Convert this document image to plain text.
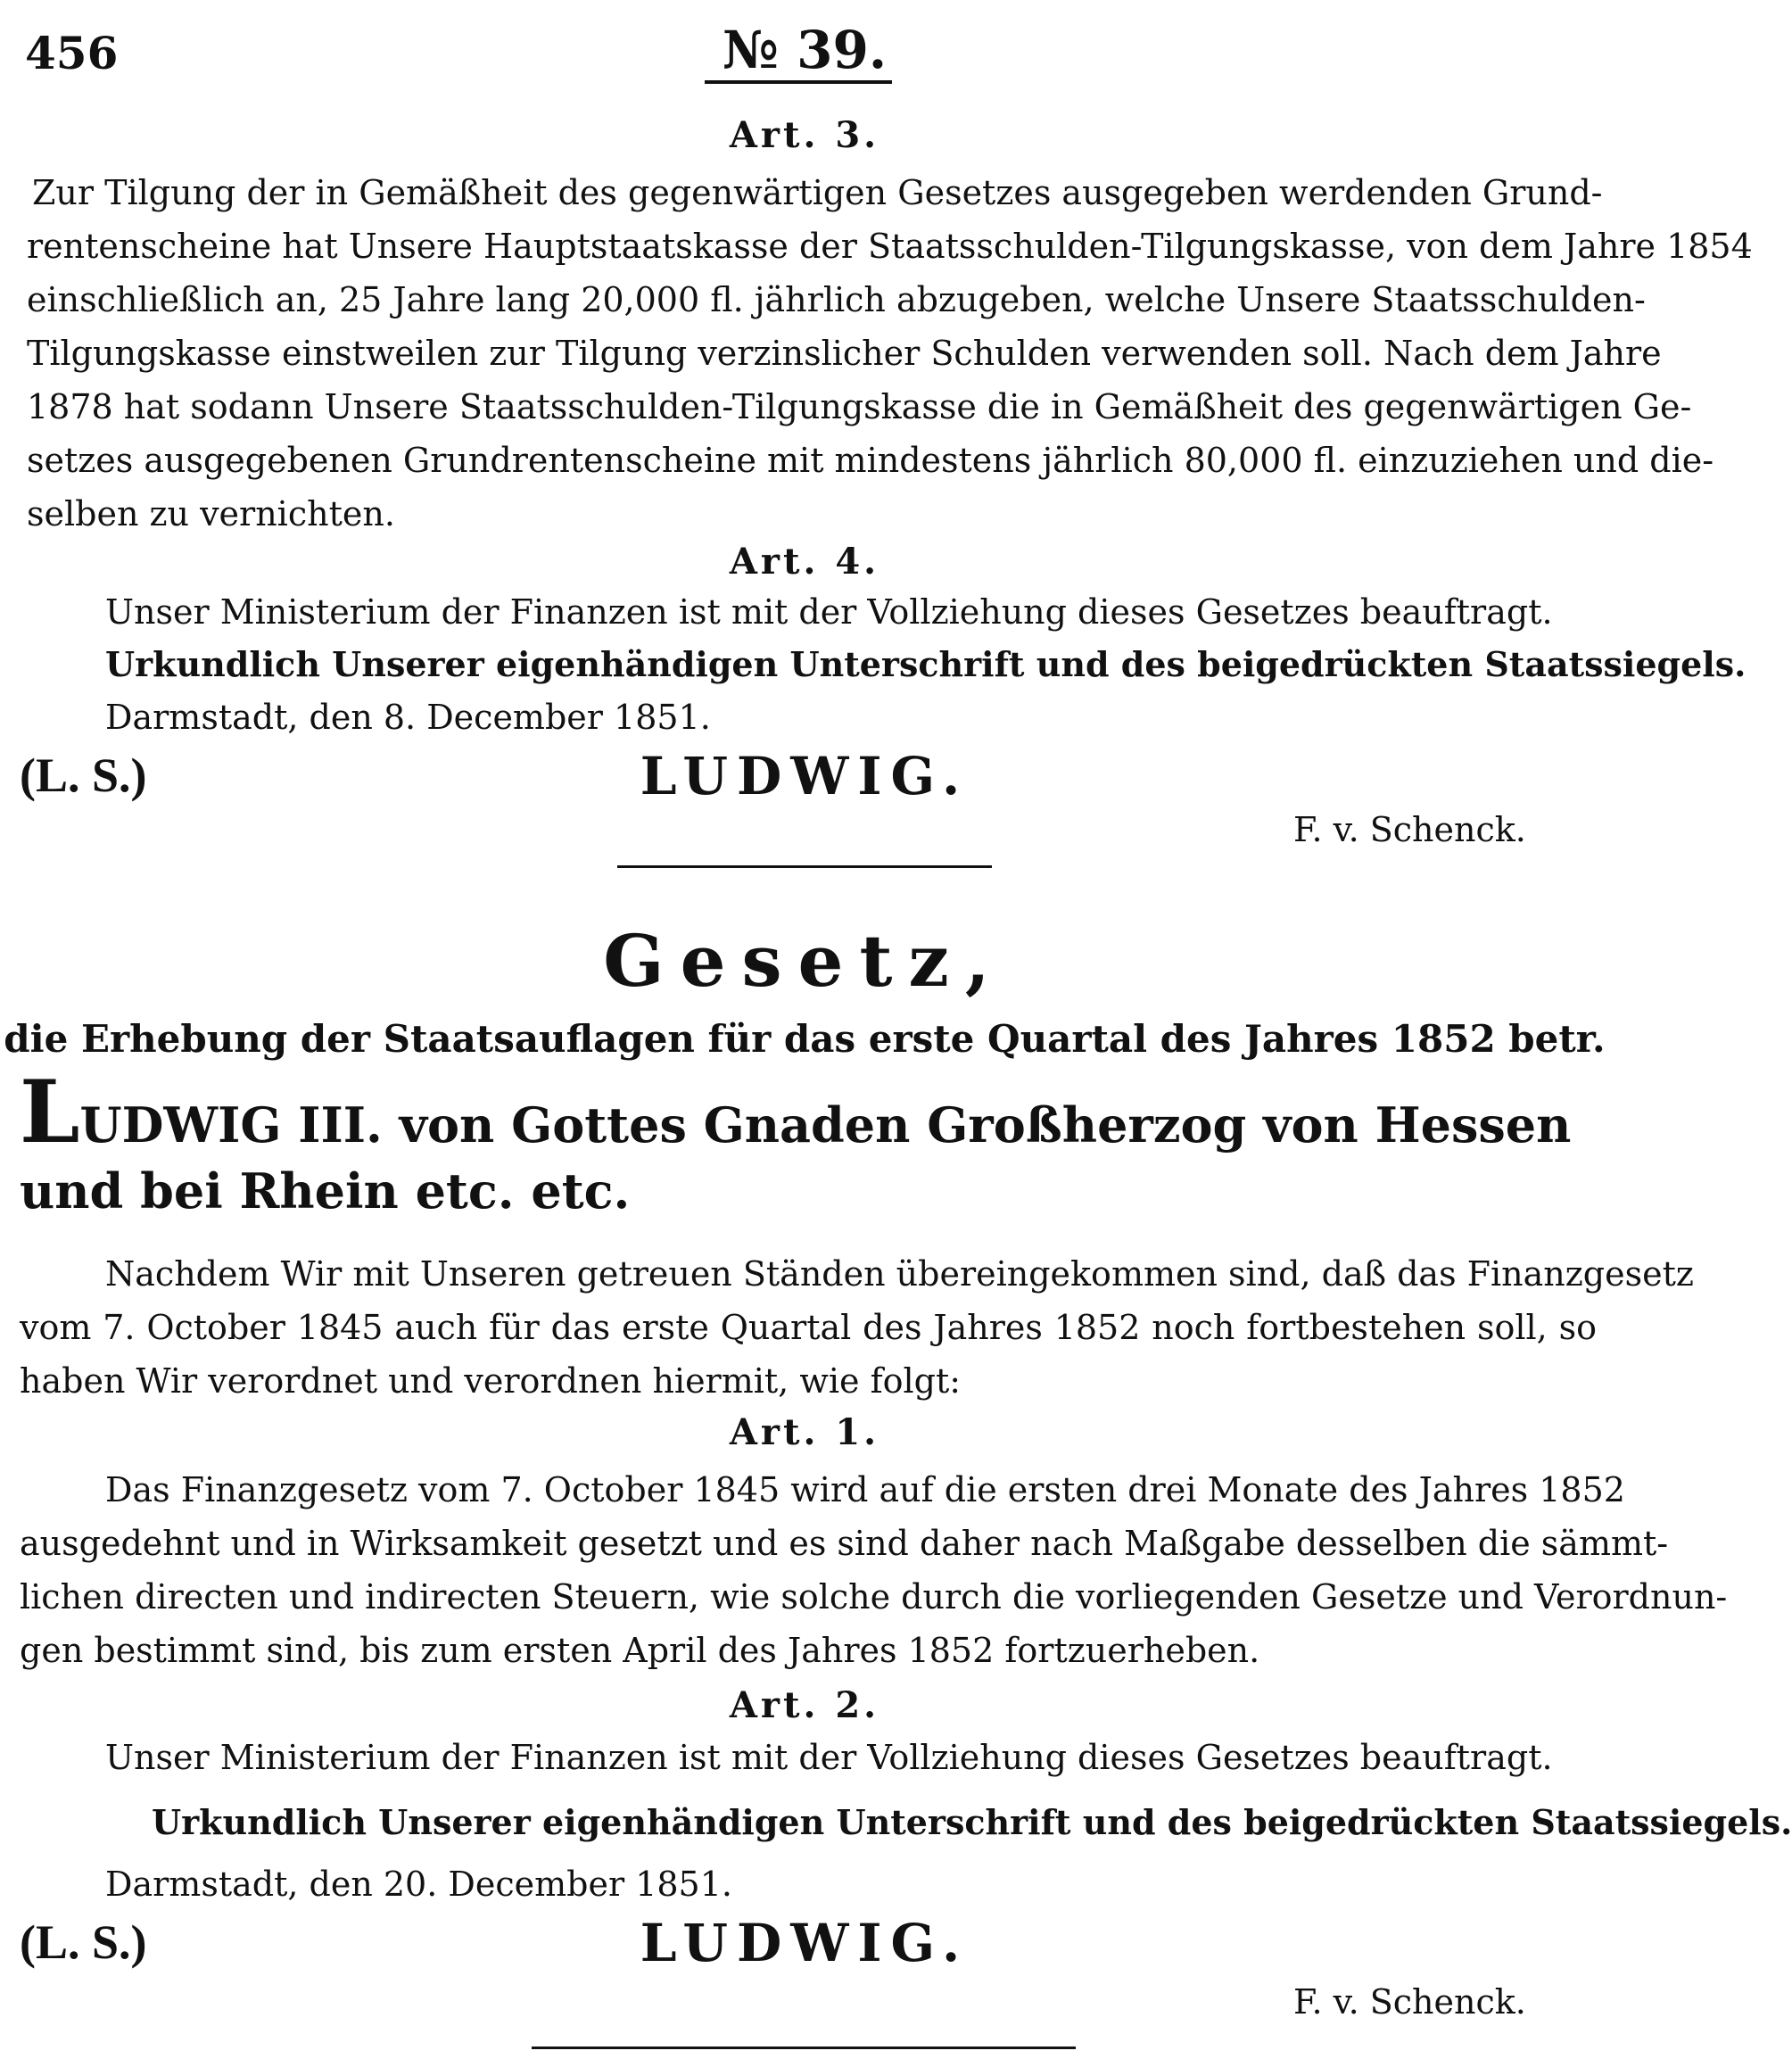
456	№ 39.
Art. 3.
Zur Tilgung der in Gemäßheit des gegenwärtigen Gesetzes ausgegeben werdenden Grund-
rentenscheine hat Unsere Hauptstaatskasse der Staatsschulden-Tilgungskasse, von dem Jahre 1854
einschließlich an, 25 Jahre lang 20,000 fl. jährlich abzugeben, welche Unsere Staatsschulden-
Tilgungskasse einstweilen zur Tilgung verzinslicher Schulden verwenden soll. Nach dem Jahre
1878 hat sodann Unsere Staatsschulden-Tilgungskasse die in Gemäßheit des gegenwärtigen Ge-
setzes ausgegebenen Grundrentenscheine mit mindestens jährlich 80,000 fl. einzuziehen und die-
selben zu vernichten.
Art. 4.
Unser Ministerium der Finanzen ist mit der Vollziehung dieses Gesetzes beauftragt.
Urkundlich Unserer eigenhändigen Unterschrift und des beigedrückten Staatssiegels.
Darmstadt, den 8. December 1851.
(L. S.)	LUDWIG.
F. v. Schenck.
Gesetz,
die Erhebung der Staatsauflagen für das erste Quartal des Jahres 1852 betr.
LUDWIG III. von Gottes Gnaden Großherzog von Hessen
und bei Rhein etc. etc.
Nachdem Wir mit Unseren getreuen Ständen übereingekommen sind, daß das Finanzgesetz
vom 7. October 1845 auch für das erste Quartal des Jahres 1852 noch fortbestehen soll, so
haben Wir verordnet und verordnen hiermit, wie folgt:
Art. 1.
Das Finanzgesetz vom 7. October 1845 wird auf die ersten drei Monate des Jahres 1852
ausgedehnt und in Wirksamkeit gesetzt und es sind daher nach Maßgabe desselben die sämmt-
lichen directen und indirecten Steuern, wie solche durch die vorliegenden Gesetze und Verordnun-
gen bestimmt sind, bis zum ersten April des Jahres 1852 fortzuerheben.
Art. 2.
Unser Ministerium der Finanzen ist mit der Vollziehung dieses Gesetzes beauftragt.
Urkundlich Unserer eigenhändigen Unterschrift und des beigedrückten Staatssiegels.
Darmstadt, den 20. December 1851.
(L. S.)	LUDWIG.
F. v. Schenck.
